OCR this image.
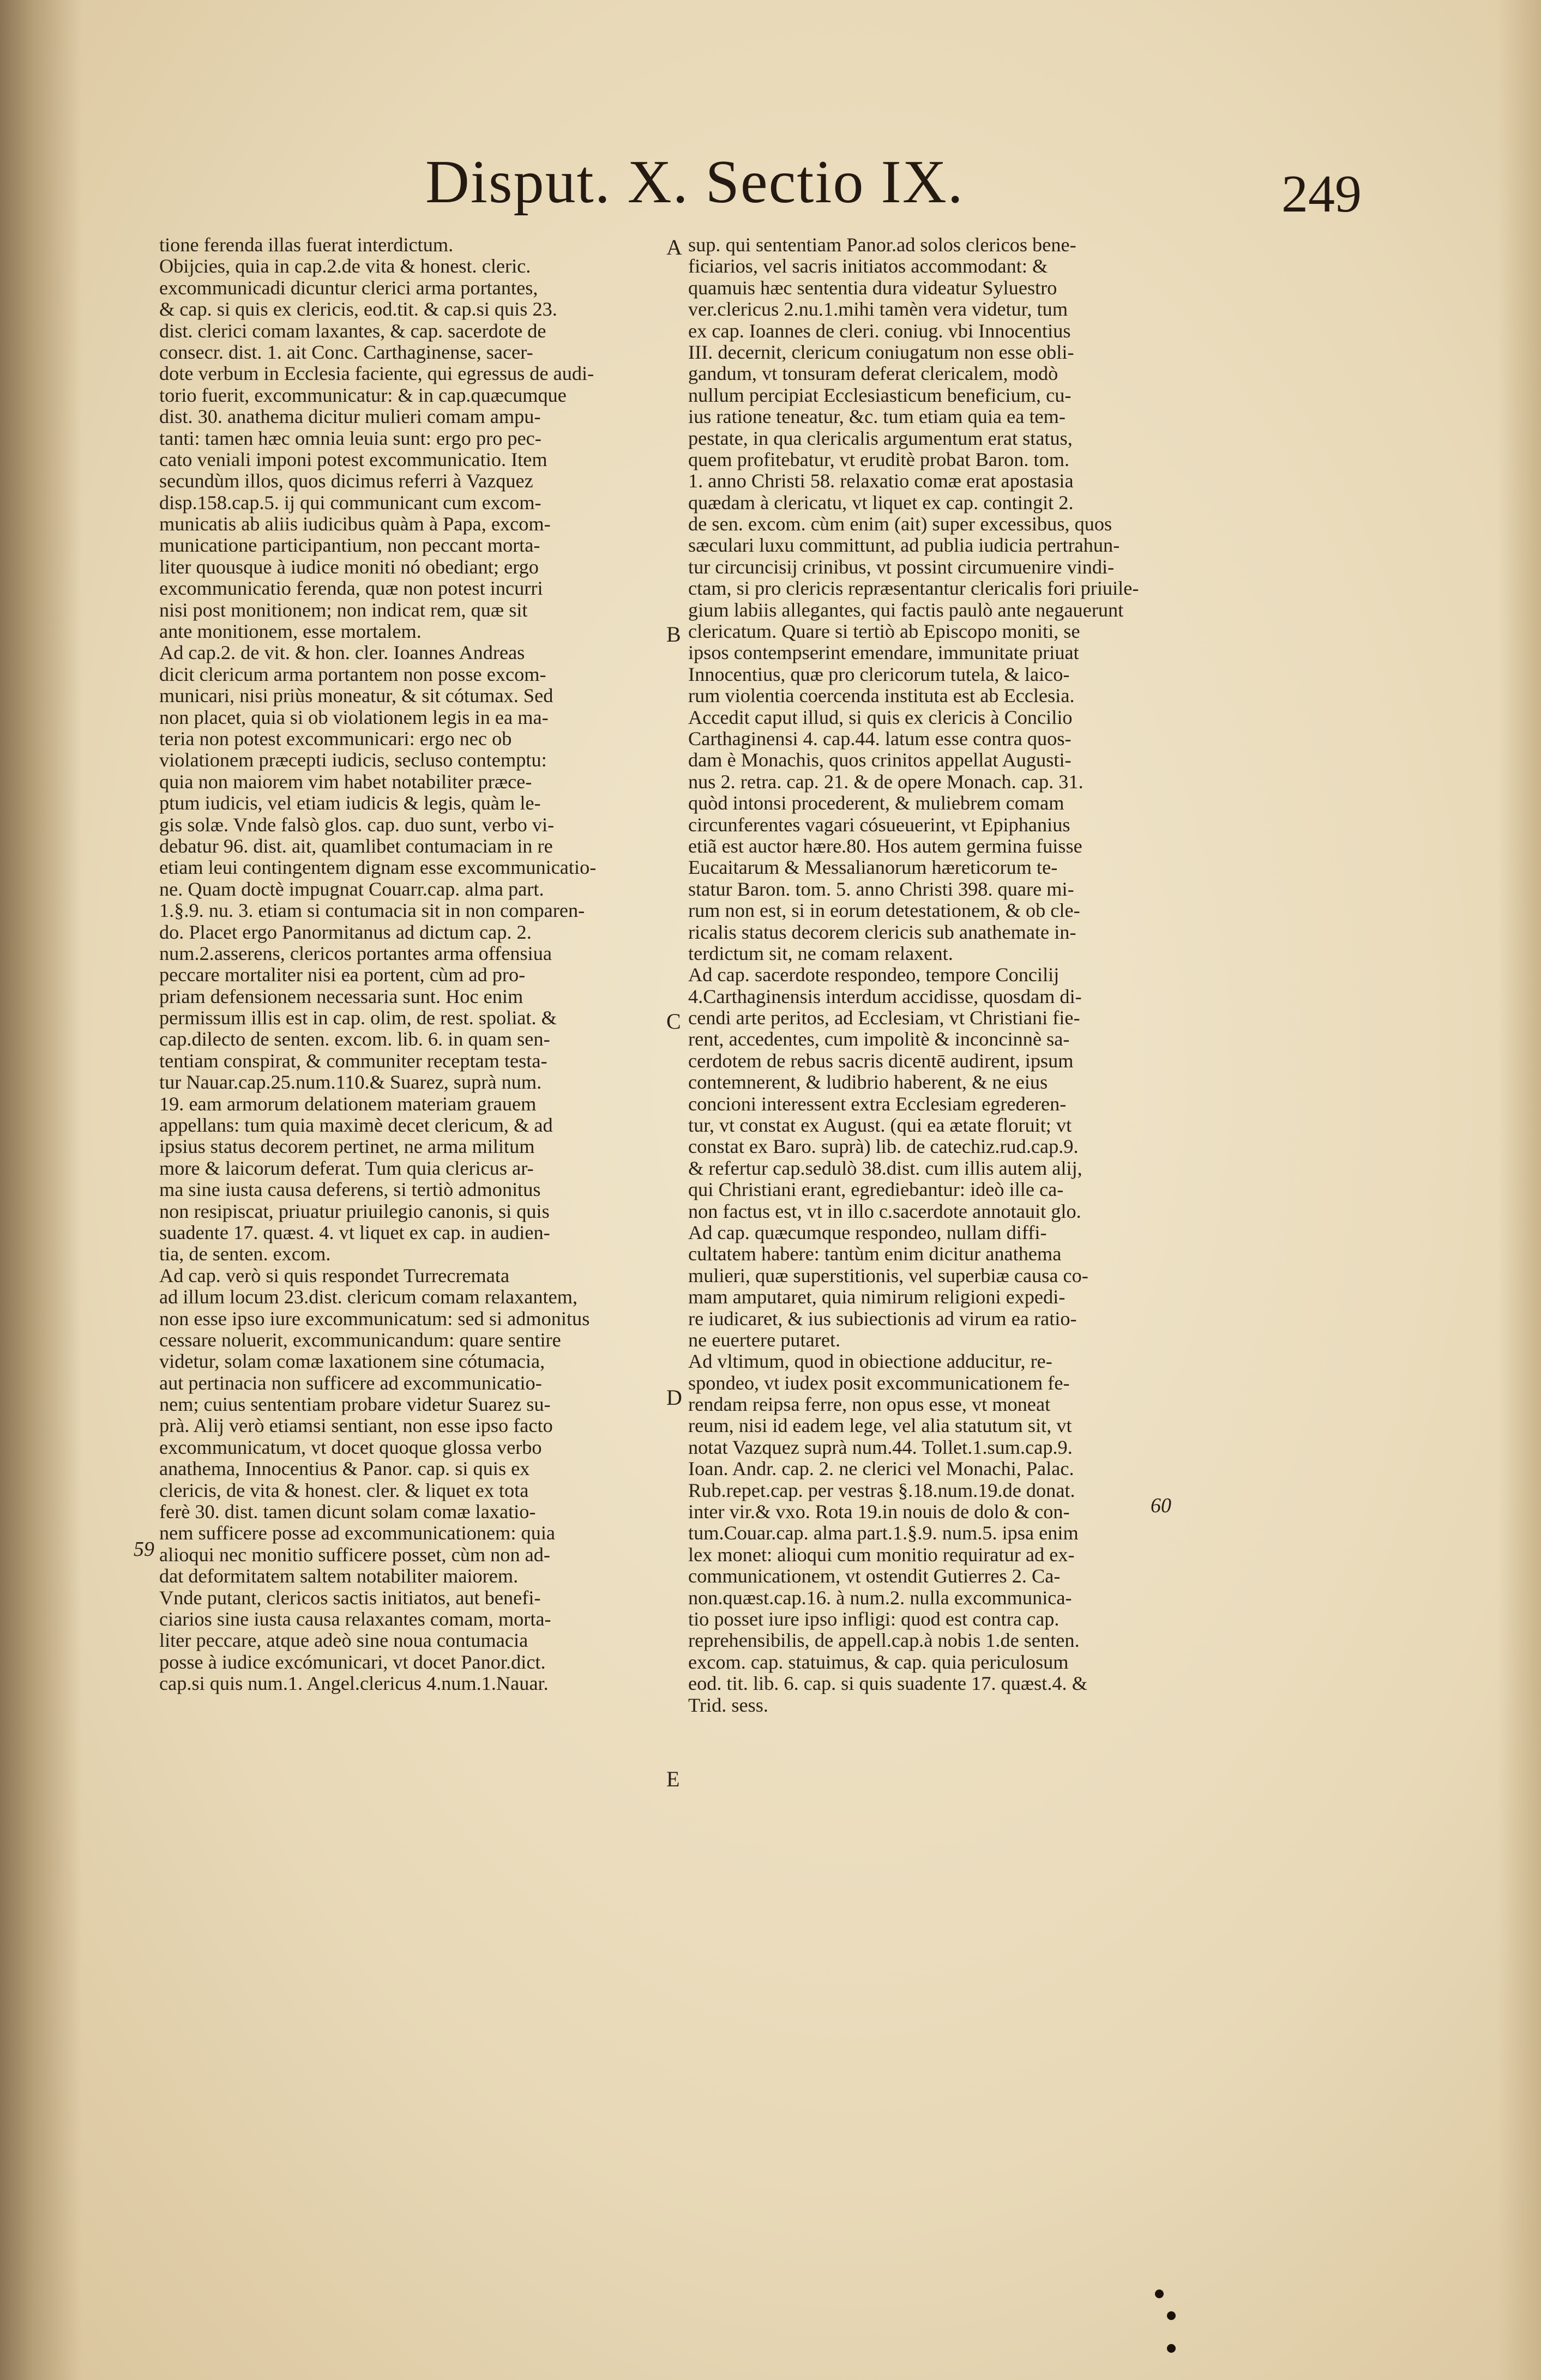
Disput. X. Sectio IX.	249
tione ferenda illas fuerat interdictum.
Obijcies, quia in cap.2.de vita & honest. cleric.
excommunicadi dicuntur clerici arma portantes,
& cap. si quis ex clericis, eod.tit. & cap.si quis 23.
dist. clerici comam laxantes, & cap. sacerdote de
consecr. dist. 1. ait Conc. Carthaginense, sacer-
dote verbum in Ecclesia faciente, qui egressus de audi-
torio fuerit, excommunicatur: & in cap.quæcumque
dist. 30. anathema dicitur mulieri comam ampu-
tanti: tamen hæc omnia leuia sunt: ergo pro pec-
cato veniali imponi potest excommunicatio. Item
secundùm illos, quos dicimus referri à Vazquez
disp.158.cap.5. ij qui communicant cum excom-
municatis ab aliis iudicibus quàm à Papa, excom-
municatione participantium, non peccant morta-
liter quousque à iudice moniti nó obediant; ergo
excommunicatio ferenda, quæ non potest incurri
nisi post monitionem; non indicat rem, quæ sit
ante monitionem, esse mortalem.
Ad cap.2. de vit. & hon. cler. Ioannes Andreas
dicit clericum arma portantem non posse excom-
municari, nisi priùs moneatur, & sit cótumax. Sed
non placet, quia si ob violationem legis in ea ma-
teria non potest excommunicari: ergo nec ob
violationem præcepti iudicis, secluso contemptu:
quia non maiorem vim habet notabiliter præce-
ptum iudicis, vel etiam iudicis & legis, quàm le-
gis solæ. Vnde falsò glos. cap. duo sunt, verbo vi-
debatur 96. dist. ait, quamlibet contumaciam in re
etiam leui contingentem dignam esse excommunicatio-
ne. Quam doctè impugnat Couarr.cap. alma part.
1.§.9. nu. 3. etiam si contumacia sit in non comparen-
do. Placet ergo Panormitanus ad dictum cap. 2.
num.2.asserens, clericos portantes arma offensiua
peccare mortaliter nisi ea portent, cùm ad pro-
priam defensionem necessaria sunt. Hoc enim
permissum illis est in cap. olim, de rest. spoliat. &
cap.dilecto de senten. excom. lib. 6. in quam sen-
tentiam conspirat, & communiter receptam testa-
tur Nauar.cap.25.num.110.& Suarez, suprà num.
19. eam armorum delationem materiam grauem
appellans: tum quia maximè decet clericum, & ad
ipsius status decorem pertinet, ne arma militum
more & laicorum deferat. Tum quia clericus ar-
ma sine iusta causa deferens, si tertiò admonitus
non resipiscat, priuatur priuilegio canonis, si quis
suadente 17. quæst. 4. vt liquet ex cap. in audien-
tia, de senten. excom.
Ad cap. verò si quis respondet Turrecremata
ad illum locum 23.dist. clericum comam relaxantem,
non esse ipso iure excommunicatum: sed si admonitus
cessare noluerit, excommunicandum: quare sentire
videtur, solam comæ laxationem sine cótumacia,
aut pertinacia non sufficere ad excommunicatio-
nem; cuius sententiam probare videtur Suarez su-
prà. Alij verò etiamsi sentiant, non esse ipso facto
excommunicatum, vt docet quoque glossa verbo
anathema, Innocentius & Panor. cap. si quis ex
clericis, de vita & honest. cler. & liquet ex tota
ferè 30. dist. tamen dicunt solam comæ laxatio-
nem sufficere posse ad excommunicationem: quia
alioqui nec monitio sufficere posset, cùm non ad-
dat deformitatem saltem notabiliter maiorem.
Vnde putant, clericos sactis initiatos, aut benefi-
ciarios sine iusta causa relaxantes comam, morta-
liter peccare, atque adeò sine noua contumacia
posse à iudice excómunicari, vt docet Panor.dict.
cap.si quis num.1. Angel.clericus 4.num.1.Nauar.
sup. qui sententiam Panor.ad solos clericos bene-
ficiarios, vel sacris initiatos accommodant: &
quamuis hæc sententia dura videatur Syluestro
ver.clericus 2.nu.1.mihi tamèn vera videtur, tum
ex cap. Ioannes de cleri. coniug. vbi Innocentius
III. decernit, clericum coniugatum non esse obli-
gandum, vt tonsuram deferat clericalem, modò
nullum percipiat Ecclesiasticum beneficium, cu-
ius ratione teneatur, &c. tum etiam quia ea tem-
pestate, in qua clericalis argumentum erat status,
quem profitebatur, vt eruditè probat Baron. tom.
1. anno Christi 58. relaxatio comæ erat apostasia
quædam à clericatu, vt liquet ex cap. contingit 2.
de sen. excom. cùm enim (ait) super excessibus, quos
sæculari luxu committunt, ad publia iudicia pertrahun-
tur circuncisij crinibus, vt possint circumuenire vindi-
ctam, si pro clericis repræsentantur clericalis fori priuile-
gium labiis allegantes, qui factis paulò ante negauerunt
clericatum. Quare si tertiò ab Episcopo moniti, se
ipsos contempserint emendare, immunitate priuat
Innocentius, quæ pro clericorum tutela, & laico-
rum violentia coercenda instituta est ab Ecclesia.
Accedit caput illud, si quis ex clericis à Concilio
Carthaginensi 4. cap.44. latum esse contra quos-
dam è Monachis, quos crinitos appellat Augusti-
nus 2. retra. cap. 21. & de opere Monach. cap. 31.
quòd intonsi procederent, & muliebrem comam
circunferentes vagari cósueuerint, vt Epiphanius
etiã est auctor hære.80. Hos autem germina fuisse
Eucaitarum & Messalianorum hæreticorum te-
statur Baron. tom. 5. anno Christi 398. quare mi-
rum non est, si in eorum detestationem, & ob cle-
ricalis status decorem clericis sub anathemate in-
terdictum sit, ne comam relaxent.
Ad cap. sacerdote respondeo, tempore Concilij
4.Carthaginensis interdum accidisse, quosdam di-
cendi arte peritos, ad Ecclesiam, vt Christiani fie-
rent, accedentes, cum impolitè & inconcinnè sa-
cerdotem de rebus sacris dicentē audirent, ipsum
contemnerent, & ludibrio haberent, & ne eius
concioni interessent extra Ecclesiam egrederen-
tur, vt constat ex August. (qui ea ætate floruit; vt
constat ex Baro. suprà) lib. de catechiz.rud.cap.9.
& refertur cap.sedulò 38.dist. cum illis autem alij,
qui Christiani erant, egrediebantur: ideò ille ca-
non factus est, vt in illo c.sacerdote annotauit glo.
Ad cap. quæcumque respondeo, nullam diffi-
cultatem habere: tantùm enim dicitur anathema
mulieri, quæ superstitionis, vel superbiæ causa co-
mam amputaret, quia nimirum religioni expedi-
re iudicaret, & ius subiectionis ad virum ea ratio-
ne euertere putaret.
Ad vltimum, quod in obiectione adducitur, re-
spondeo, vt iudex posit excommunicationem fe-
rendam reipsa ferre, non opus esse, vt moneat
reum, nisi id eadem lege, vel alia statutum sit, vt
notat Vazquez suprà num.44. Tollet.1.sum.cap.9.
Ioan. Andr. cap. 2. ne clerici vel Monachi, Palac.
Rub.repet.cap. per vestras §.18.num.19.de donat.
inter vir.& vxo. Rota 19.in nouis de dolo & con-
tum.Couar.cap. alma part.1.§.9. num.5. ipsa enim
lex monet: alioqui cum monitio requiratur ad ex-
communicationem, vt ostendit Gutierres 2. Ca-
non.quæst.cap.16. à num.2. nulla excommunica-
tio posset iure ipso infligi: quod est contra cap.
reprehensibilis, de appell.cap.à nobis 1.de senten.
excom. cap. statuimus, & cap. quia periculosum
eod. tit. lib. 6. cap. si quis suadente 17. quæst.4. &
Trid. sess.
A
B
C
D
E
59
60
